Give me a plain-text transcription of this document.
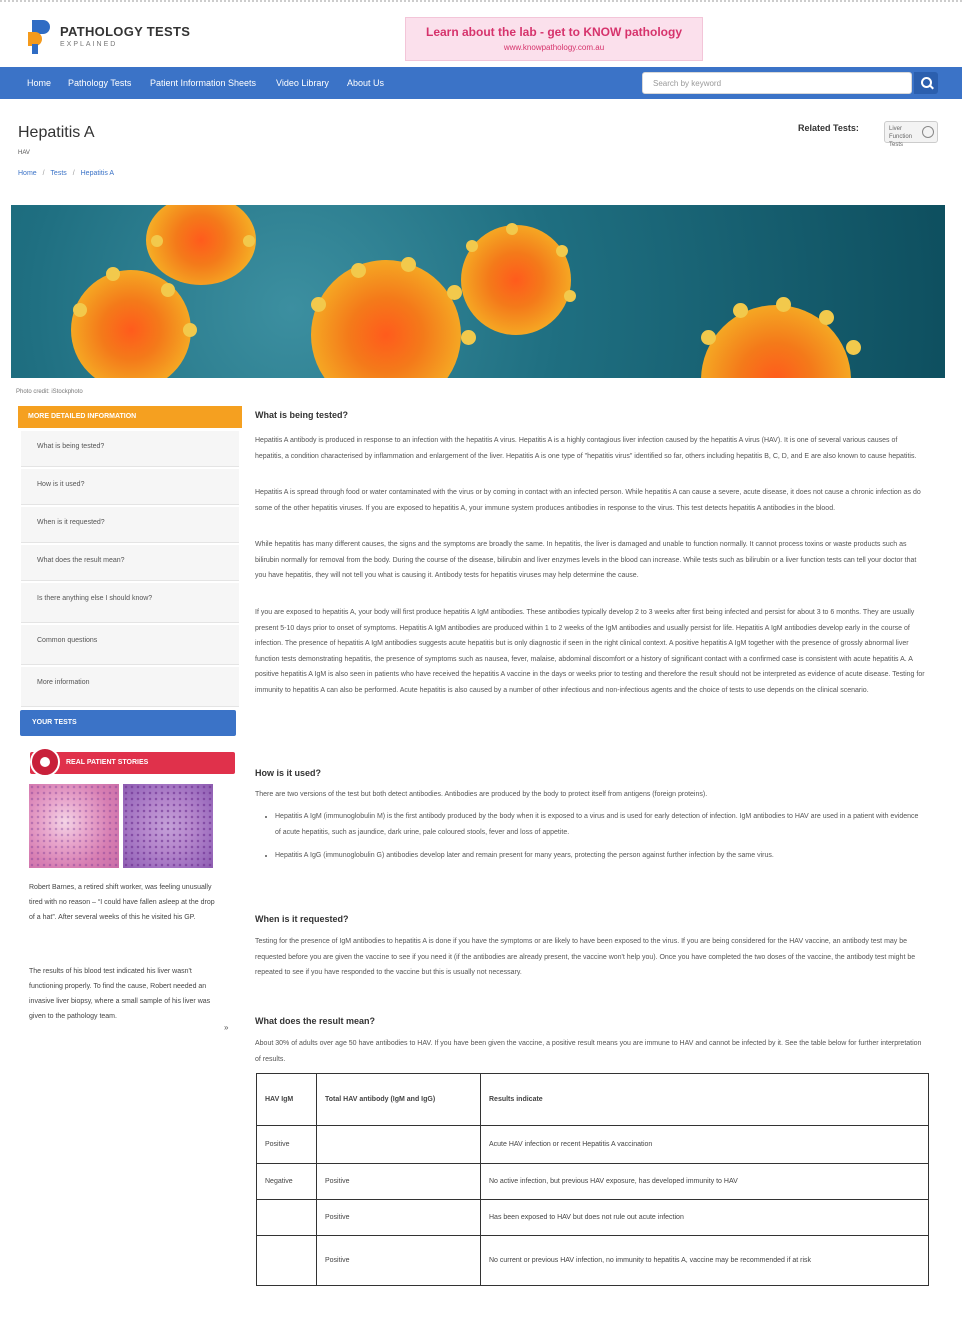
PATHOLOGY TESTS
EXPLAINED
Learn about the lab - get to KNOW pathology
www.knowpathology.com.au
Home Pathology Tests Patient Information Sheets Video Library About Us	Search by keyword
Hepatitis A
HAV
Home / Tests / Hepatitis A
Related Tests:	Liver Function Tests
Photo credit: iStockphoto
MORE DETAILED INFORMATION
What is being tested?
How is it used?
When is it requested?
What does the result mean?
Is there anything else I should know?
Common questions
More information
YOUR TESTS
REAL PATIENT STORIES
Robert Barnes, a retired shift worker, was feeling unusually tired with no reason – “I could have fallen asleep at the drop of a hat”. After several weeks of this he visited his GP.
The results of his blood test indicated his liver wasn't functioning properly. To find the cause, Robert needed an invasive liver biopsy, where a small sample of his liver was given to the pathology team.
»
What is being tested?
Hepatitis A antibody is produced in response to an infection with the hepatitis A virus. Hepatitis A is a highly contagious liver infection caused by the hepatitis A virus (HAV). It is one of several various causes of hepatitis, a condition characterised by inflammation and enlargement of the liver. Hepatitis A is one type of "hepatitis virus" identified so far, others including hepatitis B, C, D, and E are also known to cause hepatitis.
Hepatitis A is spread through food or water contaminated with the virus or by coming in contact with an infected person. While hepatitis A can cause a severe, acute disease, it does not cause a chronic infection as do some of the other hepatitis viruses. If you are exposed to hepatitis A, your immune system produces antibodies in response to the virus. This test detects hepatitis A antibodies in the blood.
While hepatitis has many different causes, the signs and the symptoms are broadly the same. In hepatitis, the liver is damaged and unable to function normally. It cannot process toxins or waste products such as bilirubin normally for removal from the body. During the course of the disease, bilirubin and liver enzymes levels in the blood can increase. While tests such as bilirubin or a liver function tests can tell your doctor that you have hepatitis, they will not tell you what is causing it. Antibody tests for hepatitis viruses may help determine the cause.
If you are exposed to hepatitis A, your body will first produce hepatitis A IgM antibodies. These antibodies typically develop 2 to 3 weeks after first being infected and persist for about 3 to 6 months. They are usually present 5-10 days prior to onset of symptoms. Hepatitis A IgM antibodies are produced within 1 to 2 weeks of the IgM antibodies and usually persist for life. Hepatitis A IgM antibodies develop early in the course of infection. The presence of hepatitis A IgM antibodies suggests acute hepatitis but is only diagnostic if seen in the right clinical context. A positive hepatitis A IgM together with the presence of grossly abnormal liver function tests demonstrating hepatitis, the presence of symptoms such as nausea, fever, malaise, abdominal discomfort or a history of significant contact with a confirmed case is consistent with acute hepatitis A. A positive hepatitis A IgM is also seen in patients who have received the hepatitis A vaccine in the days or weeks prior to testing and therefore the result should not be interpreted as evidence of acute disease. Testing for immunity to hepatitis A can also be performed. Acute hepatitis is also caused by a number of other infectious and non-infectious agents and the choice of tests to use depends on the clinical scenario.
How is it used?
There are two versions of the test but both detect antibodies. Antibodies are produced by the body to protect itself from antigens (foreign proteins).
• Hepatitis A IgM (immunoglobulin M) is the first antibody produced by the body when it is exposed to a virus and is used for early detection of infection. IgM antibodies to HAV are used in a patient with evidence of acute hepatitis, such as jaundice, dark urine, pale coloured stools, fever and loss of appetite.
• Hepatitis A IgG (immunoglobulin G) antibodies develop later and remain present for many years, protecting the person against further infection by the same virus.
When is it requested?
Testing for the presence of IgM antibodies to hepatitis A is done if you have the symptoms or are likely to have been exposed to the virus. If you are being considered for the HAV vaccine, an antibody test may be requested before you are given the vaccine to see if you need it (if the antibodies are already present, the vaccine won't help you). Once you have completed the two doses of the vaccine, the antibody test might be repeated to see if you have responded to the vaccine but this is usually not necessary.
What does the result mean?
About 30% of adults over age 50 have antibodies to HAV. If you have been given the vaccine, a positive result means you are immune to HAV and cannot be infected by it. See the table below for further interpretation of results.
HAV IgM	Total HAV antibody (IgM and IgG)	Results indicate
Positive		Acute HAV infection or recent Hepatitis A vaccination
Negative	Positive	No active infection, but previous HAV exposure, has developed immunity to HAV
	Positive	Has been exposed to HAV but does not rule out acute infection
	Positive	No current or previous HAV infection, no immunity to hepatitis A, vaccine may be recommended if at risk
